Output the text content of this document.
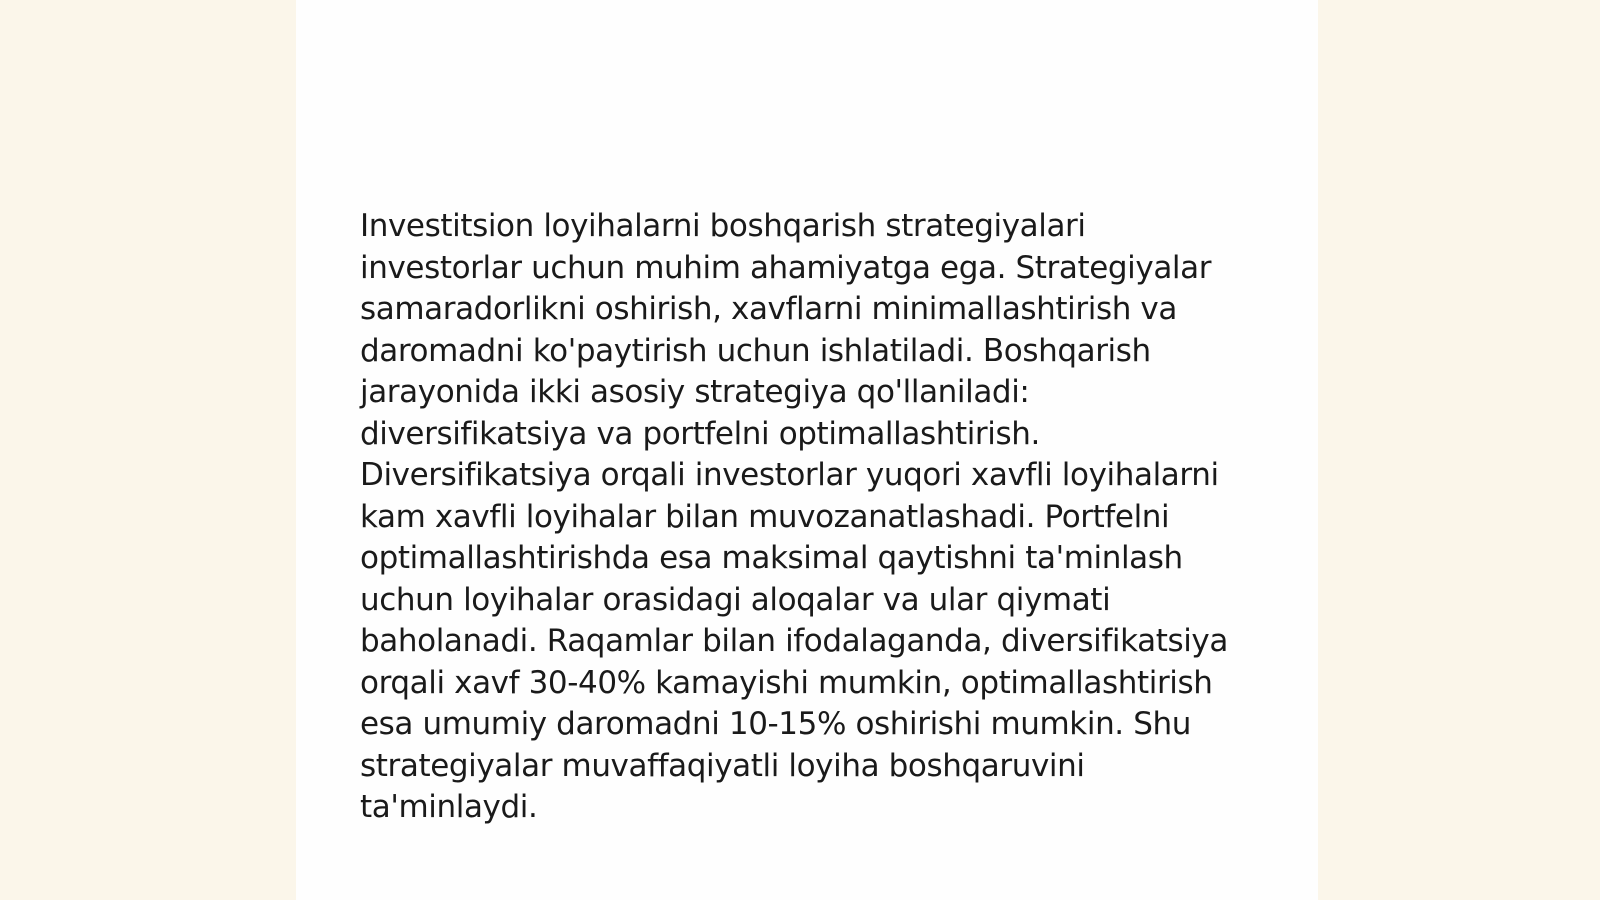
Investitsion loyihalarni boshqarish strategiyalari investorlar uchun muhim ahamiyatga ega. Strategiyalar samaradorlikni oshirish, xavflarni minimallashtirish va daromadni ko'paytirish uchun ishlatiladi. Boshqarish jarayonida ikki asosiy strategiya qo'llaniladi: diversifikatsiya va portfelni optimallashtirish. Diversifikatsiya orqali investorlar yuqori xavfli loyihalarni kam xavfli loyihalar bilan muvozanatlashadi. Portfelni optimallashtirishda esa maksimal qaytishni ta'minlash uchun loyihalar orasidagi aloqalar va ular qiymati baholanadi. Raqamlar bilan ifodalaganda, diversifikatsiya orqali xavf 30-40% kamayishi mumkin, optimallashtirish esa umumiy daromadni 10-15% oshirishi mumkin. Shu strategiyalar muvaffaqiyatli loyiha boshqaruvini ta'minlaydi.
